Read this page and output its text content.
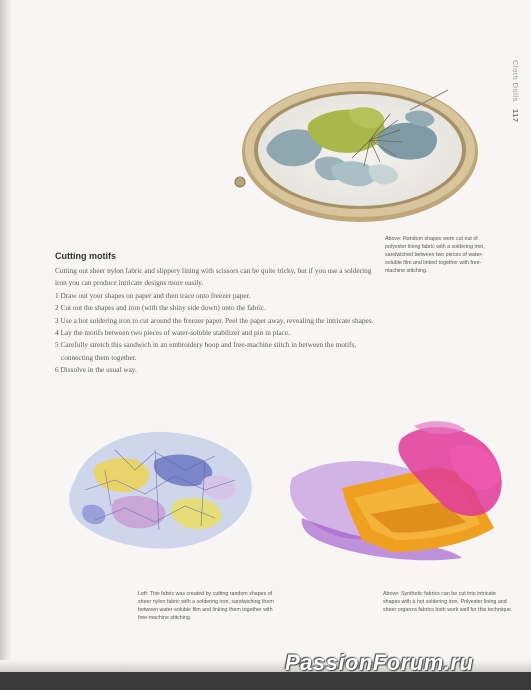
Cloth Dolls 117
Above: Random shapes were cut out of polyester lining fabric with a soldering iron, sandwiched between two pieces of water-soluble film and linked together with free-machine stitching.
Cutting motifs

Cutting out sheer nylon fabric and slippery lining with scissors can be quite tricky, but if you use a soldering iron you can produce intricate designs more easily.

1 Draw out your shapes on paper and then trace onto freezer paper.

2 Cut out the shapes and iron (with the shiny side down) onto the fabric.

3 Use a hot soldering iron to cut around the freezer paper. Peel the paper away, revealing the intricate shapes.

4 Lay the motifs between two pieces of water-soluble stabilizer and pin in place.

5 Carefully stretch this sandwich in an embroidery hoop and free-machine stitch in between the motifs, connecting them together.

6 Dissolve in the usual way.

Left: This fabric was created by cutting random shapes of sheer nylon fabric with a soldering iron, sandwiching them between water-soluble film and linking them together with free-machine stitching.
Above: Synthetic fabrics can be cut into intricate shapes with a hot soldering iron. Polyester lining and sheer organza fabrics both work well for this technique.
PassionForum.ru
